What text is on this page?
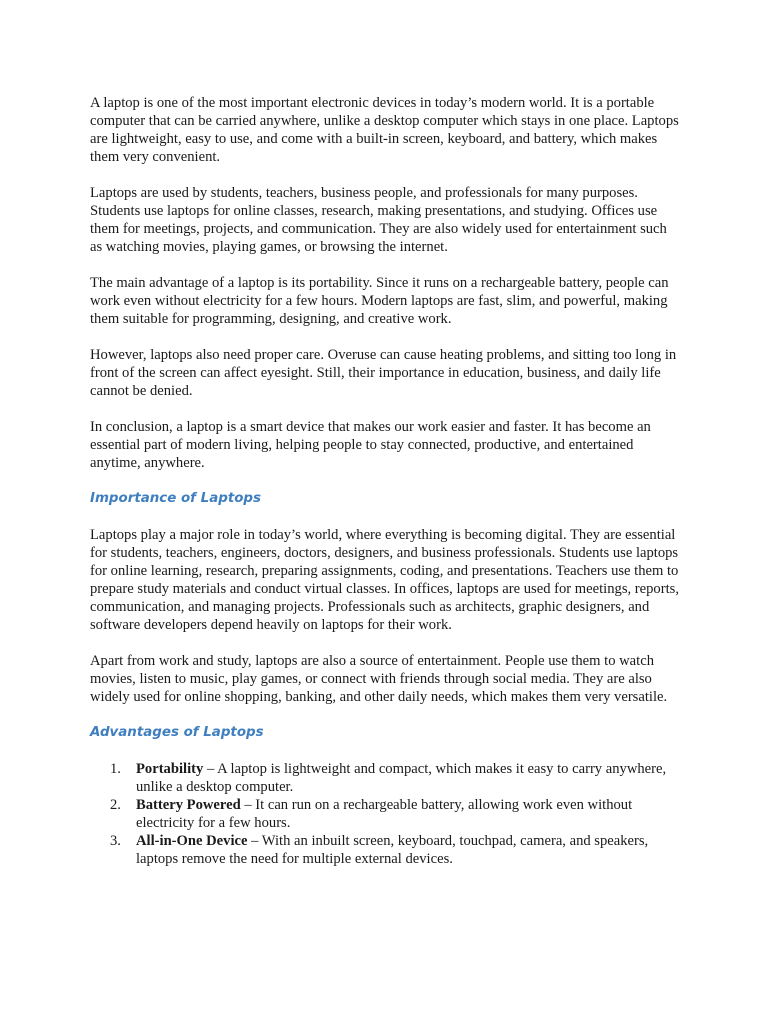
A laptop is one of the most important electronic devices in today’s modern world. It is a portable computer that can be carried anywhere, unlike a desktop computer which stays in one place. Laptops are lightweight, easy to use, and come with a built-in screen, keyboard, and battery, which makes them very convenient.

Laptops are used by students, teachers, business people, and professionals for many purposes. Students use laptops for online classes, research, making presentations, and studying. Offices use them for meetings, projects, and communication. They are also widely used for entertainment such as watching movies, playing games, or browsing the internet.

The main advantage of a laptop is its portability. Since it runs on a rechargeable battery, people can work even without electricity for a few hours. Modern laptops are fast, slim, and powerful, making them suitable for programming, designing, and creative work.

However, laptops also need proper care. Overuse can cause heating problems, and sitting too long in front of the screen can affect eyesight. Still, their importance in education, business, and daily life cannot be denied.

In conclusion, a laptop is a smart device that makes our work easier and faster. It has become an essential part of modern living, helping people to stay connected, productive, and entertained anytime, anywhere.

Importance of Laptops

Laptops play a major role in today’s world, where everything is becoming digital. They are essential for students, teachers, engineers, doctors, designers, and business professionals. Students use laptops for online learning, research, preparing assignments, coding, and presentations. Teachers use them to prepare study materials and conduct virtual classes. In offices, laptops are used for meetings, reports, communication, and managing projects. Professionals such as architects, graphic designers, and software developers depend heavily on laptops for their work.

Apart from work and study, laptops are also a source of entertainment. People use them to watch movies, listen to music, play games, or connect with friends through social media. They are also widely used for online shopping, banking, and other daily needs, which makes them very versatile.

Advantages of Laptops
1. Portability – A laptop is lightweight and compact, which makes it easy to carry anywhere, unlike a desktop computer.
2. Battery Powered – It can run on a rechargeable battery, allowing work even without electricity for a few hours.
3. All-in-One Device – With an inbuilt screen, keyboard, touchpad, camera, and speakers, laptops remove the need for multiple external devices.
